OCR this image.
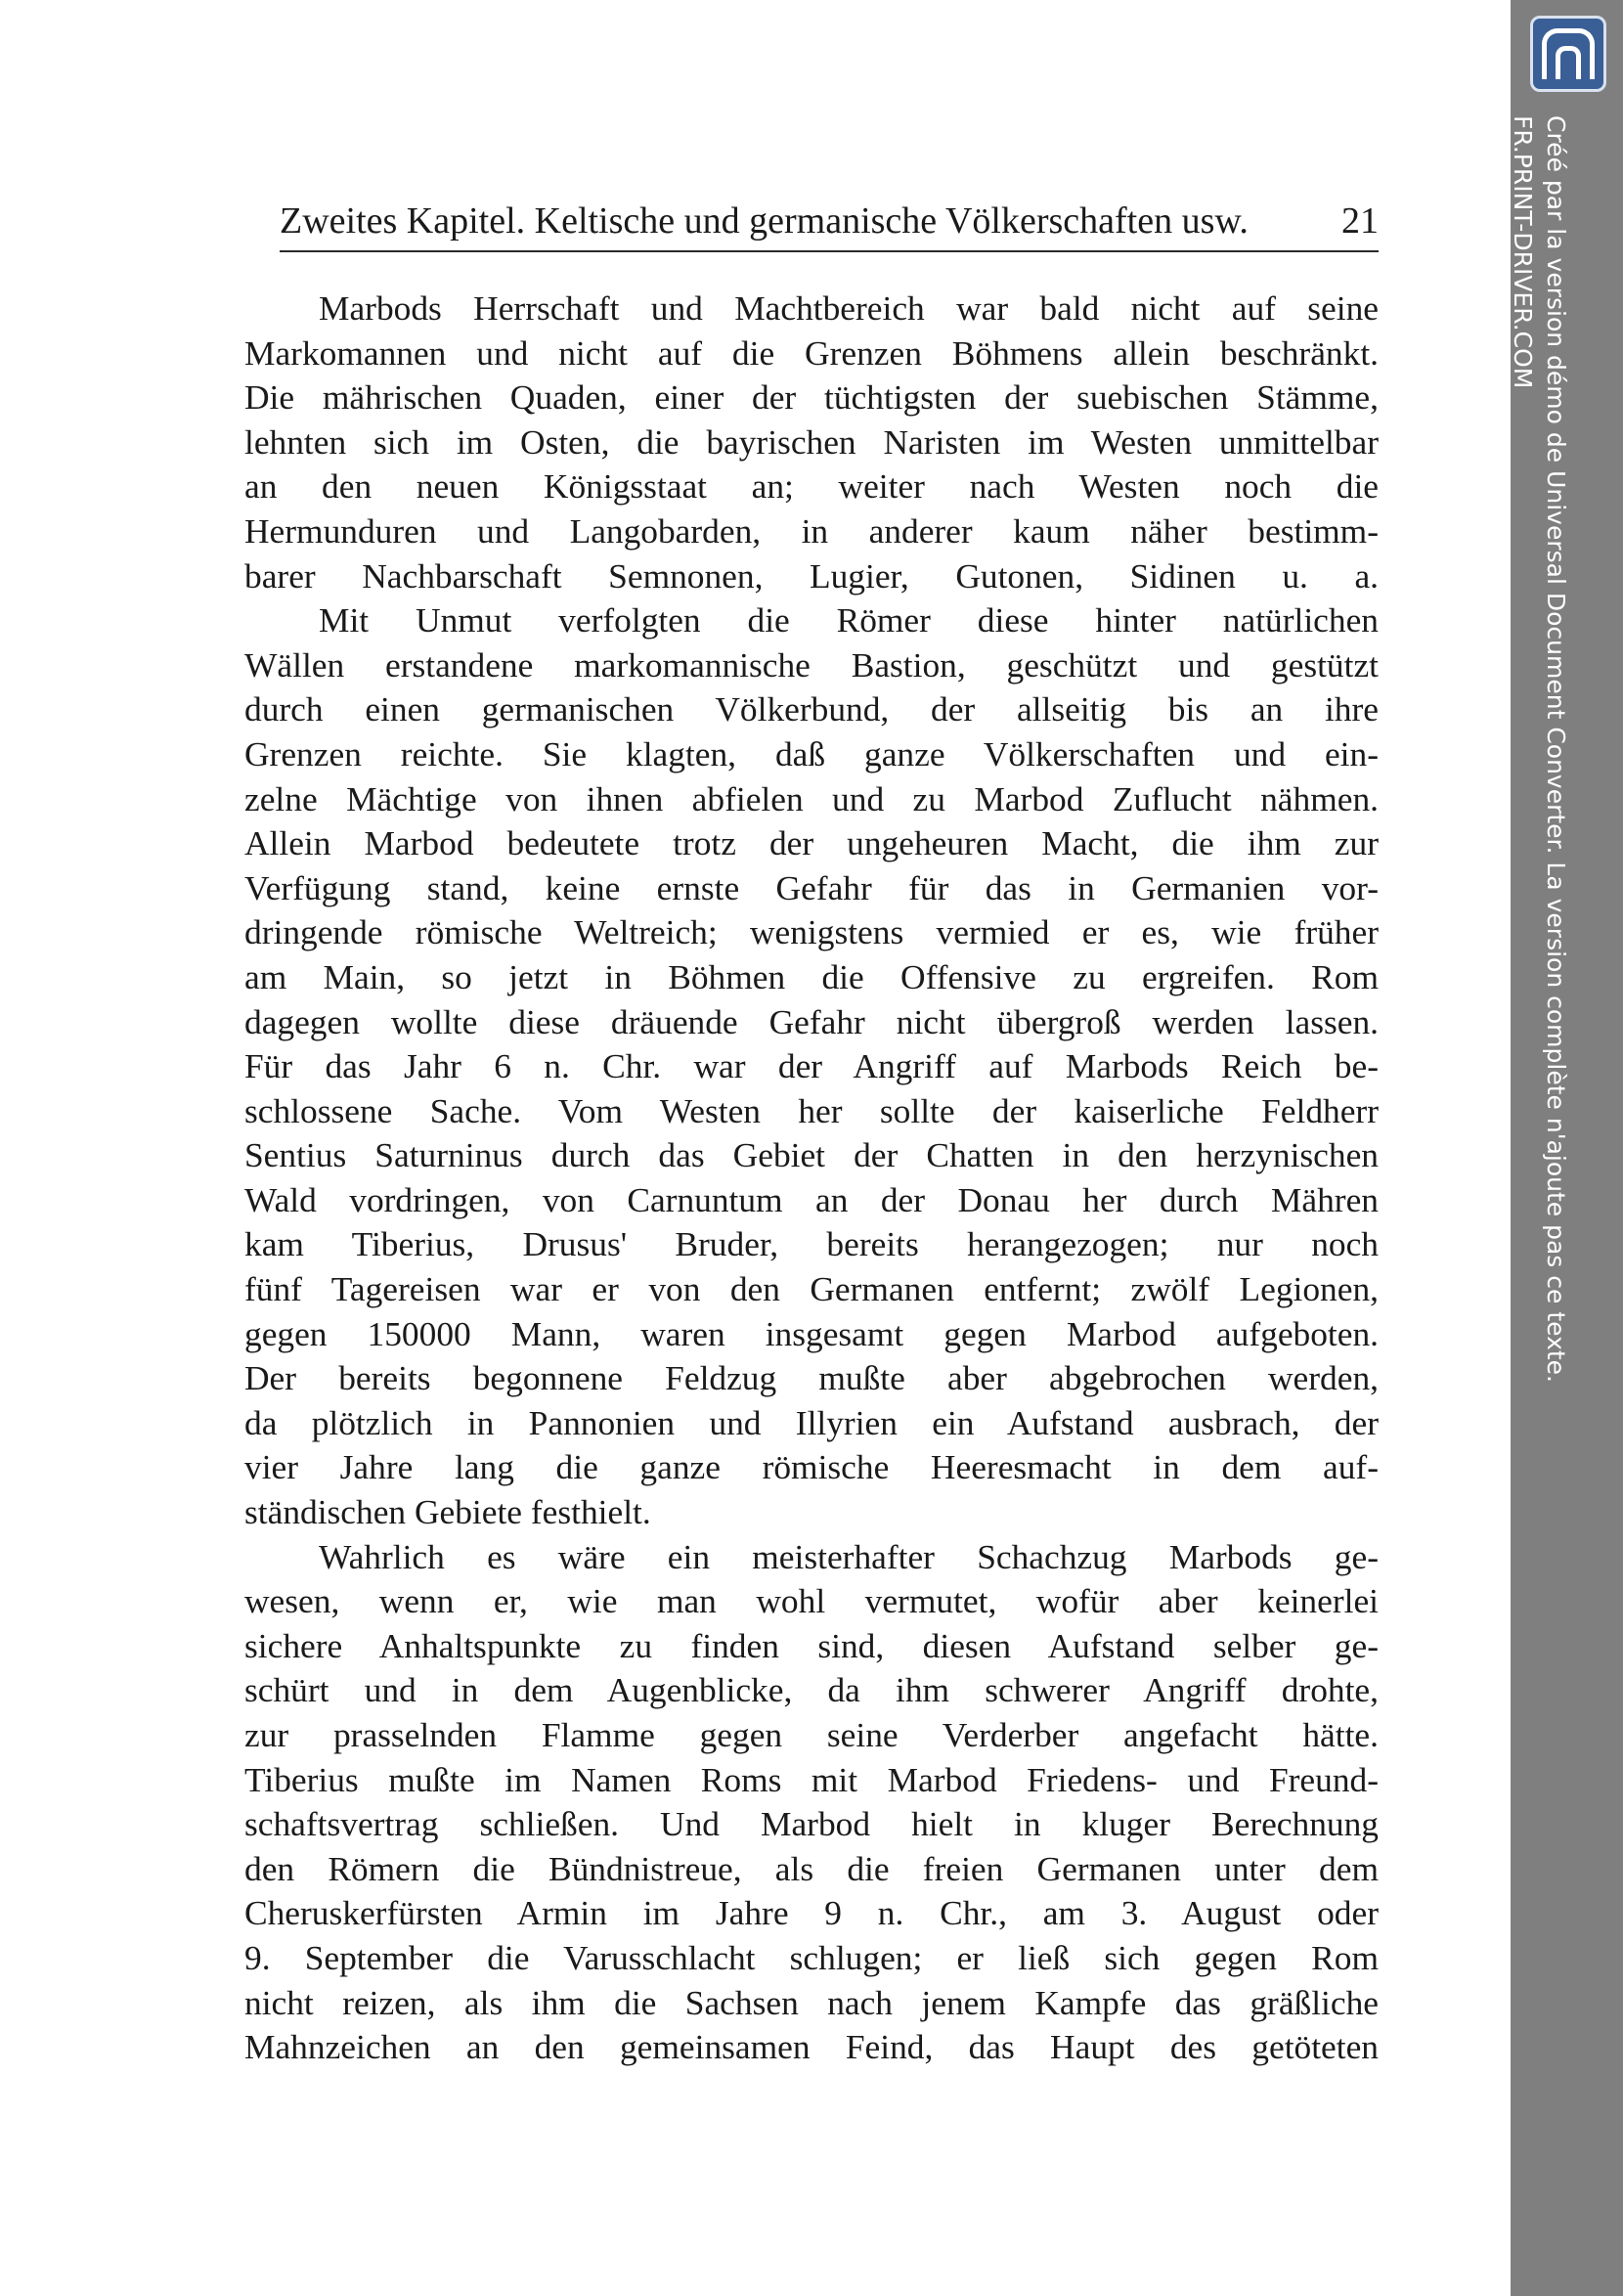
Zweites Kapitel. Keltische und germanische Völkerschaften usw.	21
Marbods Herrschaft und Machtbereich war bald nicht auf seine
Markomannen und nicht auf die Grenzen Böhmens allein beschränkt.
Die mährischen Quaden, einer der tüchtigsten der suebischen Stämme,
lehnten sich im Osten, die bayrischen Naristen im Westen unmittelbar
an den neuen Königsstaat an; weiter nach Westen noch die
Hermunduren und Langobarden, in anderer kaum näher bestimm-
barer Nachbarschaft Semnonen, Lugier, Gutonen, Sidinen u. a.
Mit Unmut verfolgten die Römer diese hinter natürlichen
Wällen erstandene markomannische Bastion, geschützt und gestützt
durch einen germanischen Völkerbund, der allseitig bis an ihre
Grenzen reichte. Sie klagten, daß ganze Völkerschaften und ein-
zelne Mächtige von ihnen abfielen und zu Marbod Zuflucht nähmen.
Allein Marbod bedeutete trotz der ungeheuren Macht, die ihm zur
Verfügung stand, keine ernste Gefahr für das in Germanien vor-
dringende römische Weltreich; wenigstens vermied er es, wie früher
am Main, so jetzt in Böhmen die Offensive zu ergreifen. Rom
dagegen wollte diese dräuende Gefahr nicht übergroß werden lassen.
Für das Jahr 6 n. Chr. war der Angriff auf Marbods Reich be-
schlossene Sache. Vom Westen her sollte der kaiserliche Feldherr
Sentius Saturninus durch das Gebiet der Chatten in den herzynischen
Wald vordringen, von Carnuntum an der Donau her durch Mähren
kam Tiberius, Drusus' Bruder, bereits herangezogen; nur noch
fünf Tagereisen war er von den Germanen entfernt; zwölf Legionen,
gegen 150000 Mann, waren insgesamt gegen Marbod aufgeboten.
Der bereits begonnene Feldzug mußte aber abgebrochen werden,
da plötzlich in Pannonien und Illyrien ein Aufstand ausbrach, der
vier Jahre lang die ganze römische Heeresmacht in dem auf-
ständischen Gebiete festhielt.
Wahrlich es wäre ein meisterhafter Schachzug Marbods ge-
wesen, wenn er, wie man wohl vermutet, wofür aber keinerlei
sichere Anhaltspunkte zu finden sind, diesen Aufstand selber ge-
schürt und in dem Augenblicke, da ihm schwerer Angriff drohte,
zur prasselnden Flamme gegen seine Verderber angefacht hätte.
Tiberius mußte im Namen Roms mit Marbod Friedens- und Freund-
schaftsvertrag schließen. Und Marbod hielt in kluger Berechnung
den Römern die Bündnistreue, als die freien Germanen unter dem
Cheruskerfürsten Armin im Jahre 9 n. Chr., am 3. August oder
9. September die Varusschlacht schlugen; er ließ sich gegen Rom
nicht reizen, als ihm die Sachsen nach jenem Kampfe das gräßliche
Mahnzeichen an den gemeinsamen Feind, das Haupt des getöteten
Créé par la version démo de Universal Document Converter. La version complète n'ajoute pas ce texte.
FR.PRINT-DRIVER.COM
